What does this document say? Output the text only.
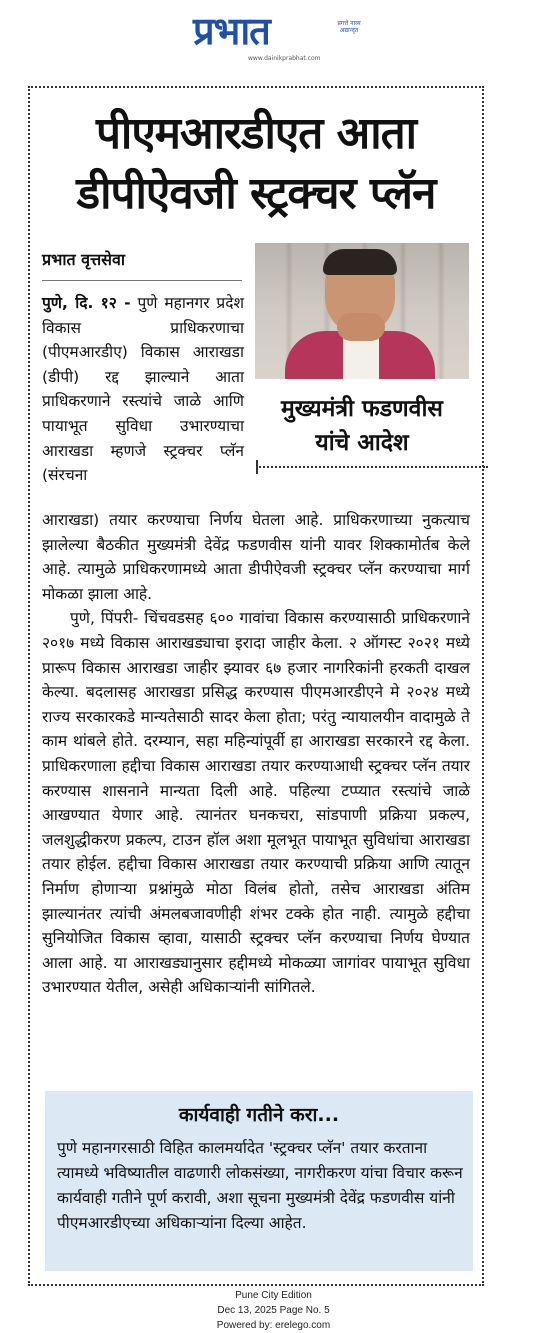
प्रभात	प्रगत्ते नाव्य अद्यान्दृत
www.dainikprabhat.com
पीएमआरडीएत आता
डीपीऐवजी स्ट्रक्चर प्लॅन
प्रभात वृत्तसेवा
मुख्यमंत्री फडणवीस
यांचे आदेश
पुणे, दि. १२ - पुणे महानगर प्रदेश विकास प्राधिकरणाचा (पीएमआरडीए) विकास आराखडा (डीपी) रद्द झाल्याने आता प्राधिकरणाने रस्त्यांचे जाळे आणि पायाभूत सुविधा उभारण्याचा आराखडा म्हणजे स्ट्रक्चर प्लॅन (संरचना
आराखडा) तयार करण्याचा निर्णय घेतला आहे. प्राधिकरणाच्या नुकत्याच झालेल्या बैठकीत मुख्यमंत्री देवेंद्र फडणवीस यांनी यावर शिक्कामोर्तब केले आहे. त्यामुळे प्राधिकरणामध्ये आता डीपीऐवजी स्ट्रक्चर प्लॅन करण्याचा मार्ग मोकळा झाला आहे.
पुणे, पिंपरी- चिंचवडसह ६०० गावांचा विकास करण्यासाठी प्राधिकरणाने २०१७ मध्ये विकास आराखड्याचा इरादा जाहीर केला. २ ऑगस्ट २०२१ मध्ये प्रारूप विकास आराखडा जाहीर झ्यावर ६७ हजार नागरिकांनी हरकती दाखल केल्या. बदलासह आराखडा प्रसिद्ध करण्यास पीएमआरडीएने मे २०२४ मध्ये राज्य सरकारकडे मान्यतेसाठी सादर केला होता; परंतु न्यायालयीन वादामुळे ते काम थांबले होते. दरम्यान, सहा महिन्यांपूर्वी हा आराखडा सरकारने रद्द केला. प्राधिकरणाला हद्दीचा विकास आराखडा तयार करण्याआधी स्ट्रक्चर प्लॅन तयार करण्यास शासनाने मान्यता दिली आहे. पहिल्या टप्प्यात रस्त्यांचे जाळे आखण्यात येणार आहे. त्यानंतर घनकचरा, सांडपाणी प्रक्रिया प्रकल्प, जलशुद्धीकरण प्रकल्प, टाउन हॉल अशा मूलभूत पायाभूत सुविधांचा आराखडा तयार होईल. हद्दीचा विकास आराखडा तयार करण्याची प्रक्रिया आणि त्यातून निर्माण होणाऱ्या प्रश्नांमुळे मोठा विलंब होतो, तसेच आराखडा अंतिम झाल्यानंतर त्यांची अंमलबजावणीही शंभर टक्के होत नाही. त्यामुळे हद्दीचा सुनियोजित विकास व्हावा, यासाठी स्ट्रक्चर प्लॅन करण्याचा निर्णय घेण्यात आला आहे. या आराखड्यानुसार हद्दीमध्ये मोकळ्या जागांवर पायाभूत सुविधा उभारण्यात येतील, असेही अधिकाऱ्यांनी सांगितले.
कार्यवाही गतीने करा...
पुणे महानगरसाठी विहित कालमर्यादेत 'स्ट्रक्चर प्लॅन' तयार करताना त्यामध्ये भविष्यातील वाढणारी लोकसंख्या, नागरीकरण यांचा विचार करून कार्यवाही गतीने पूर्ण करावी, अशा सूचना मुख्यमंत्री देवेंद्र फडणवीस यांनी पीएमआरडीएच्या अधिकाऱ्यांना दिल्या आहेत.
Pune City Edition
Dec 13, 2025 Page No. 5
Powered by: erelego.com
